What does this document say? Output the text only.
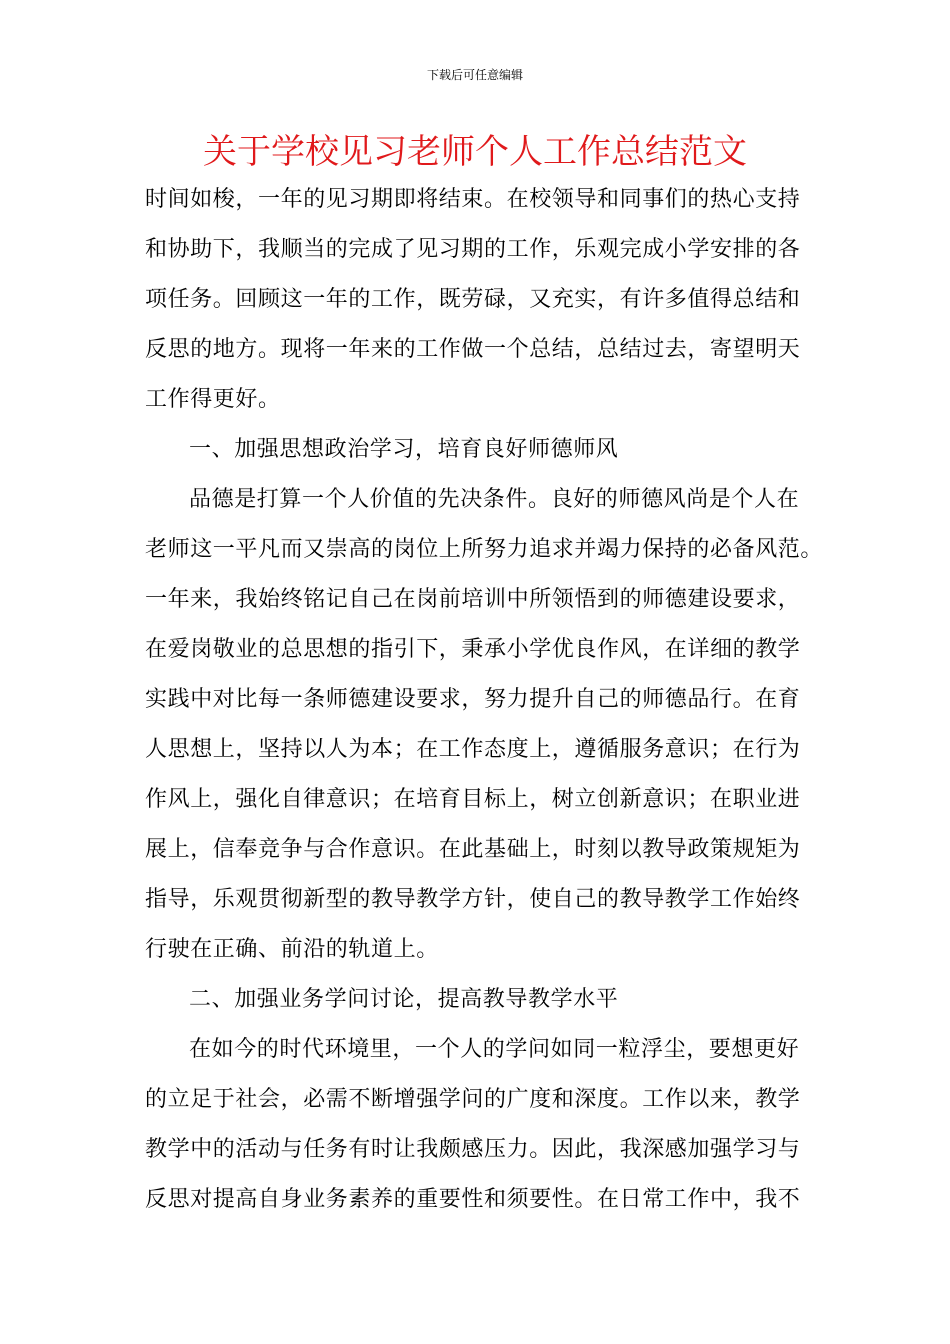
下载后可任意编辑
关于学校见习老师个人工作总结范文

时间如梭，一年的见习期即将结束。在校领导和同事们的热心支持
和协助下，我顺当的完成了见习期的工作，乐观完成小学安排的各
项任务。回顾这一年的工作，既劳碌，又充实，有许多值得总结和
反思的地方。现将一年来的工作做一个总结，总结过去，寄望明天
工作得更好。

一、加强思想政治学习，培育良好师德师风

品德是打算一个人价值的先决条件。良好的师德风尚是个人在
老师这一平凡而又崇高的岗位上所努力追求并竭力保持的必备风范。
一年来，我始终铭记自己在岗前培训中所领悟到的师德建设要求，
在爱岗敬业的总思想的指引下，秉承小学优良作风，在详细的教学
实践中对比每一条师德建设要求，努力提升自己的师德品行。在育
人思想上，坚持以人为本；在工作态度上，遵循服务意识；在行为
作风上，强化自律意识；在培育目标上，树立创新意识；在职业进
展上，信奉竞争与合作意识。在此基础上，时刻以教导政策规矩为
指导，乐观贯彻新型的教导教学方针，使自己的教导教学工作始终
行驶在正确、前沿的轨道上。

二、加强业务学问讨论，提高教导教学水平

在如今的时代环境里，一个人的学问如同一粒浮尘，要想更好
的立足于社会，必需不断增强学问的广度和深度。工作以来，教学
教学中的活动与任务有时让我颇感压力。因此，我深感加强学习与
反思对提高自身业务素养的重要性和须要性。在日常工作中，我不
